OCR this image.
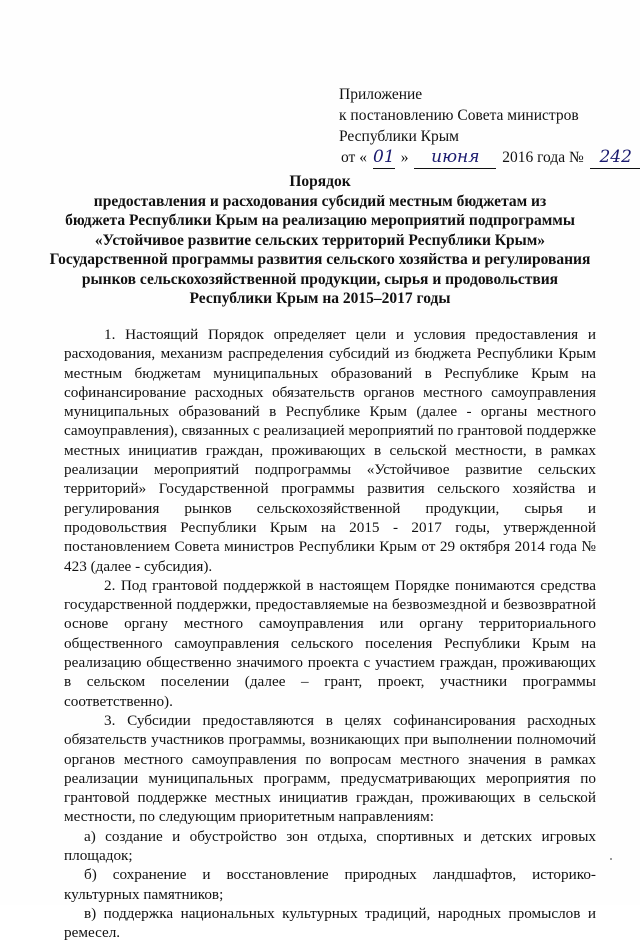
Приложение
к постановлению Совета министров
Республики Крым
от « 01 » июня 2016 года № 242
Порядок
предоставления и расходования субсидий местным бюджетам из
бюджета Республики Крым на реализацию мероприятий подпрограммы
«Устойчивое развитие сельских территорий Республики Крым»
Государственной программы развития сельского хозяйства и регулирования
рынков сельскохозяйственной продукции, сырья и продовольствия
Республики Крым на 2015–2017 годы

1. Настоящий Порядок определяет цели и условия предоставления и расходования, механизм распределения субсидий из бюджета Республики Крым местным бюджетам муниципальных образований в Республике Крым на софинансирование расходных обязательств органов местного самоуправления муниципальных образований в Республике Крым (далее - органы местного самоуправления), связанных с реализацией мероприятий по грантовой поддержке местных инициатив граждан, проживающих в сельской местности, в рамках реализации мероприятий подпрограммы «Устойчивое развитие сельских территорий» Государственной программы развития сельского хозяйства и регулирования рынков сельскохозяйственной продукции, сырья и продовольствия Республики Крым на 2015 - 2017 годы, утвержденной постановлением Совета министров Республики Крым от 29 октября 2014 года № 423 (далее - субсидия).

2. Под грантовой поддержкой в настоящем Порядке понимаются средства государственной поддержки, предоставляемые на безвозмездной и безвозвратной основе органу местного самоуправления или органу территориального общественного самоуправления сельского поселения Республики Крым на реализацию общественно значимого проекта с участием граждан, проживающих в сельском поселении (далее – грант, проект, участники программы соответственно).

3. Субсидии предоставляются в целях софинансирования расходных обязательств участников программы, возникающих при выполнении полномочий органов местного самоуправления по вопросам местного значения в рамках реализации муниципальных программ, предусматривающих мероприятия по грантовой поддержке местных инициатив граждан, проживающих в сельской местности, по следующим приоритетным направлениям:

а) создание и обустройство зон отдыха, спортивных и детских игровых площадок;

б) сохранение и восстановление природных ландшафтов, историко-культурных памятников;

в) поддержка национальных культурных традиций, народных промыслов и ремесел.
